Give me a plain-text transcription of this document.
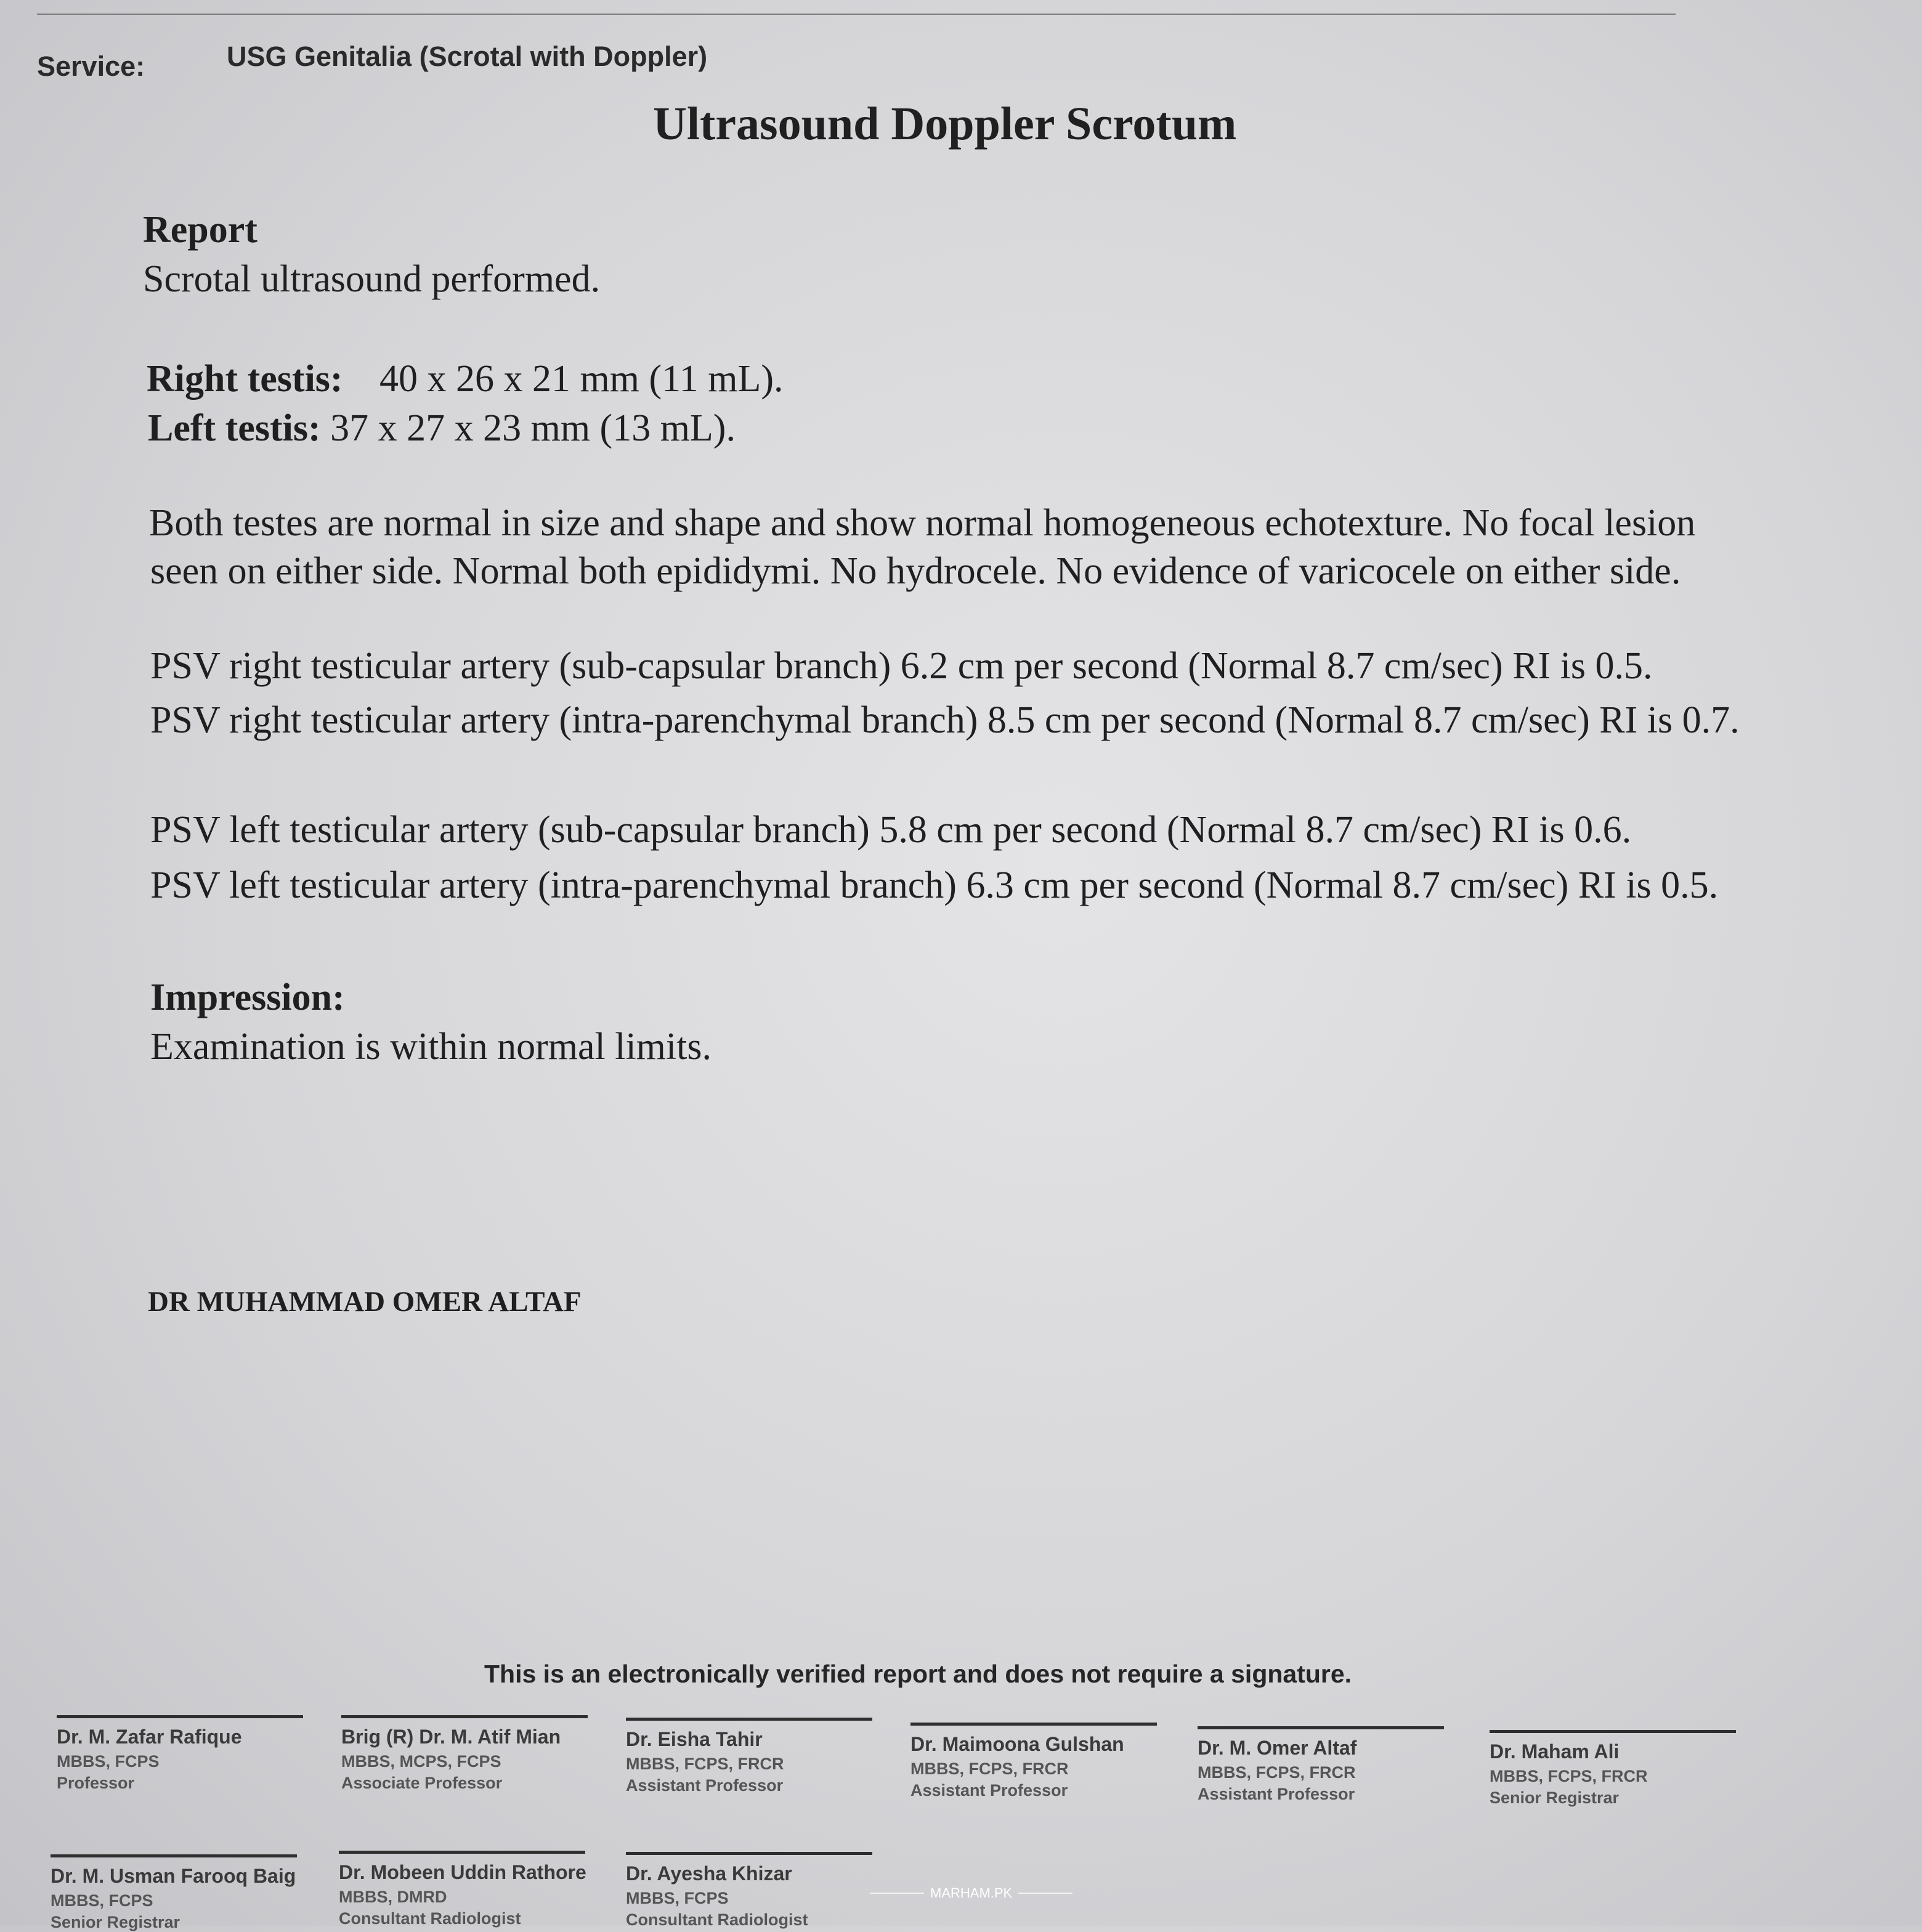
Service:	USG Genitalia (Scrotal with Doppler)
Ultrasound Doppler Scrotum
Report
Scrotal ultrasound performed.
Right testis: 40 x 26 x 21 mm (11 mL).
Left testis: 37 x 27 x 23 mm (13 mL).
Both testes are normal in size and shape and show normal homogeneous echotexture. No focal lesion
seen on either side. Normal both epididymi. No hydrocele. No evidence of varicocele on either side.
PSV right testicular artery (sub-capsular branch) 6.2 cm per second (Normal 8.7 cm/sec) RI is 0.5.
PSV right testicular artery (intra-parenchymal branch) 8.5 cm per second (Normal 8.7 cm/sec) RI is 0.7.
PSV left testicular artery (sub-capsular branch) 5.8 cm per second (Normal 8.7 cm/sec) RI is 0.6.
PSV left testicular artery (intra-parenchymal branch) 6.3 cm per second (Normal 8.7 cm/sec) RI is 0.5.
Impression:
Examination is within normal limits.
DR MUHAMMAD OMER ALTAF
This is an electronically verified report and does not require a signature.
Dr. M. Zafar Rafique
MBBS, FCPS
Professor
Brig (R) Dr. M. Atif Mian
MBBS, MCPS, FCPS
Associate Professor
Dr. Eisha Tahir
MBBS, FCPS, FRCR
Assistant Professor
Dr. Maimoona Gulshan
MBBS, FCPS, FRCR
Assistant Professor
Dr. M. Omer Altaf
MBBS, FCPS, FRCR
Assistant Professor
Dr. Maham Ali
MBBS, FCPS, FRCR
Senior Registrar
Dr. M. Usman Farooq Baig
MBBS, FCPS
Senior Registrar
Dr. Mobeen Uddin Rathore
MBBS, DMRD
Consultant Radiologist
Dr. Ayesha Khizar
MBBS, FCPS
Consultant Radiologist
MARHAM.PK
